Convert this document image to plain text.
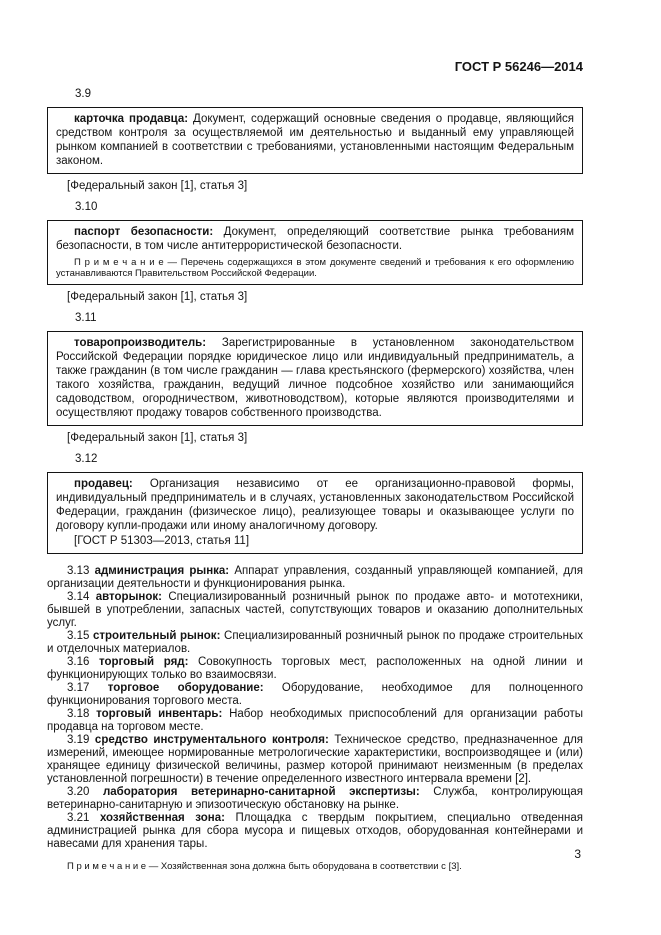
ГОСТ Р 56246—2014
3.9

карточка продавца: Документ, содержащий основные сведения о продавце, являющийся средством контроля за осуществляемой им деятельностью и выданный ему управляющей рынком компанией в соответствии с требованиями, установленными настоящим Федеральным законом.

[Федеральный закон [1], статья 3]
3.10

паспорт безопасности: Документ, определяющий соответствие рынка требованиям безопасности, в том числе антитеррористической безопасности.

П р и м е ч а н и е — Перечень содержащихся в этом документе сведений и требования к его оформлению устанавливаются Правительством Российской Федерации.

[Федеральный закон [1], статья 3]
3.11

товаропроизводитель: Зарегистрированные в установленном законодательством Российской Федерации порядке юридическое лицо или индивидуальный предприниматель, а также гражданин (в том числе гражданин — глава крестьянского (фермерского) хозяйства, член такого хозяйства, гражданин, ведущий личное подсобное хозяйство или занимающийся садоводством, огородничеством, животноводством), которые являются производителями и осуществляют продажу товаров собственного производства.

[Федеральный закон [1], статья 3]
3.12

продавец: Организация независимо от ее организационно-правовой формы, индивидуальный предприниматель и в случаях, установленных законодательством Российской Федерации, гражданин (физическое лицо), реализующее товары и оказывающее услуги по договору купли-продажи или иному аналогичному договору.

[ГОСТ Р 51303—2013, статья 11]

3.13 администрация рынка: Аппарат управления, созданный управляющей компанией, для организации деятельности и функционирования рынка.

3.14 авторынок: Специализированный розничный рынок по продаже авто- и мототехники, бывшей в употреблении, запасных частей, сопутствующих товаров и оказанию дополнительных услуг.

3.15 строительный рынок: Специализированный розничный рынок по продаже строительных и отделочных материалов.

3.16 торговый ряд: Совокупность торговых мест, расположенных на одной линии и функционирующих только во взаимосвязи.

3.17 торговое оборудование: Оборудование, необходимое для полноценного функционирования торгового места.

3.18 торговый инвентарь: Набор необходимых приспособлений для организации работы продавца на торговом месте.

3.19 средство инструментального контроля: Техническое средство, предназначенное для измерений, имеющее нормированные метрологические характеристики, воспроизводящее и (или) хранящее единицу физической величины, размер которой принимают неизменным (в пределах установленной погрешности) в течение определенного известного интервала времени [2].

3.20 лаборатория ветеринарно-санитарной экспертизы: Служба, контролирующая ветеринарно-санитарную и эпизоотическую обстановку на рынке.

3.21 хозяйственная зона: Площадка с твердым покрытием, специально отведенная администрацией рынка для сбора мусора и пищевых отходов, оборудованная контейнерами и навесами для хранения тары.

П р и м е ч а н и е — Хозяйственная зона должна быть оборудована в соответствии с [3].

3
